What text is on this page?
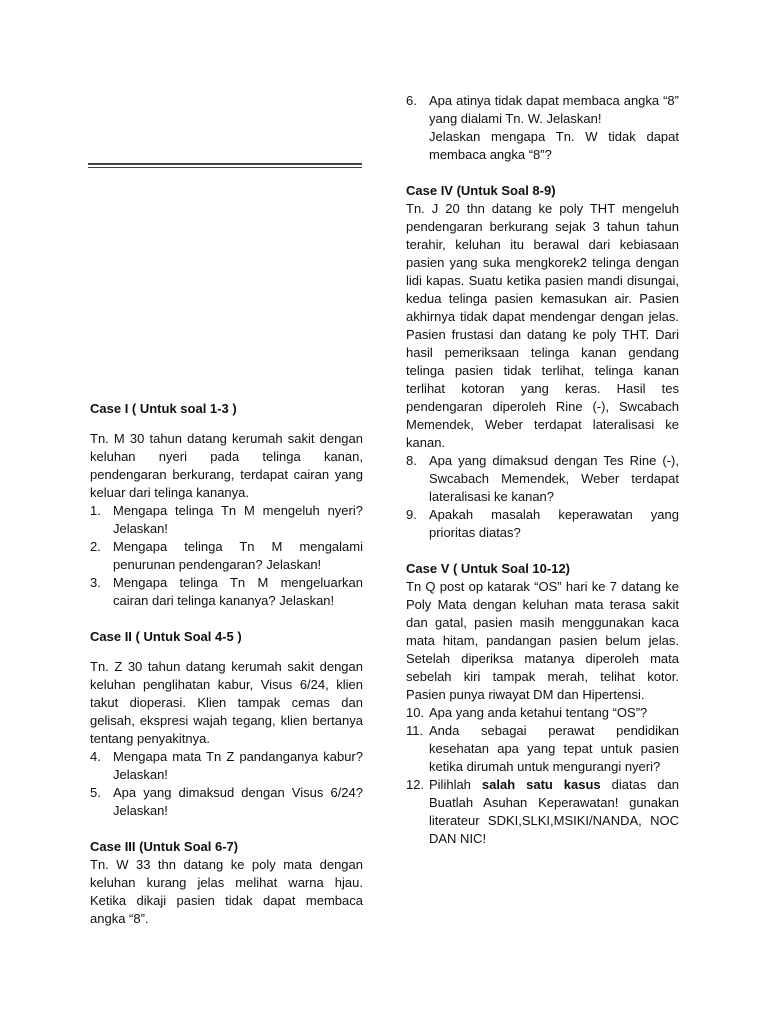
Case I ( Untuk soal 1-3 )

Tn. M 30 tahun datang kerumah sakit dengan keluhan nyeri pada telinga kanan, pendengaran berkurang, terdapat cairan yang keluar dari telinga kananya.

1. Mengapa telinga Tn M mengeluh nyeri? Jelaskan!
2. Mengapa telinga Tn M mengalami penurunan pendengaran? Jelaskan!
3. Mengapa telinga Tn M mengeluarkan cairan dari telinga kananya? Jelaskan!

Case II ( Untuk Soal 4-5 )

Tn. Z 30 tahun datang kerumah sakit dengan keluhan penglihatan kabur, Visus 6/24, klien takut dioperasi. Klien tampak cemas dan gelisah, ekspresi wajah tegang, klien bertanya tentang penyakitnya.

4. Mengapa mata Tn Z pandanganya kabur? Jelaskan!
5. Apa yang dimaksud dengan Visus 6/24? Jelaskan!

Case III (Untuk Soal 6-7)

Tn. W 33 thn datang ke poly mata dengan keluhan kurang jelas melihat warna hjau. Ketika dikaji pasien tidak dapat membaca angka “8”.

6. Apa atinya tidak dapat membaca angka “8” yang dialami Tn. W. Jelaskan!
Jelaskan mengapa Tn. W tidak dapat membaca angka “8”?

Case IV (Untuk Soal 8-9)

Tn. J 20 thn datang ke poly THT mengeluh pendengaran berkurang sejak 3 tahun tahun terahir, keluhan itu berawal dari kebiasaan pasien yang suka mengkorek2 telinga dengan lidi kapas. Suatu ketika pasien mandi disungai, kedua telinga pasien kemasukan air. Pasien akhirnya tidak dapat mendengar dengan jelas. Pasien frustasi dan datang ke poly THT. Dari hasil pemeriksaan telinga kanan gendang telinga pasien tidak terlihat, telinga kanan terlihat kotoran yang keras. Hasil tes pendengaran diperoleh Rine (-), Swcabach Memendek, Weber terdapat lateralisasi ke kanan.

8. Apa yang dimaksud dengan Tes Rine (-), Swcabach Memendek, Weber terdapat lateralisasi ke kanan?
9. Apakah masalah keperawatan yang prioritas diatas?

Case V ( Untuk Soal 10-12)

Tn Q post op katarak “OS” hari ke 7 datang ke Poly Mata dengan keluhan mata terasa sakit dan gatal, pasien masih menggunakan kaca mata hitam, pandangan pasien belum jelas. Setelah diperiksa matanya diperoleh mata sebelah kiri tampak merah, telihat kotor. Pasien punya riwayat DM dan Hipertensi.

10. Apa yang anda ketahui tentang “OS”?
11. Anda sebagai perawat pendidikan kesehatan apa yang tepat untuk pasien ketika dirumah untuk mengurangi nyeri?
12. Pilihlah salah satu kasus diatas dan Buatlah Asuhan Keperawatan! gunakan literateur SDKI,SLKI,MSIKI/NANDA, NOC DAN NIC!
